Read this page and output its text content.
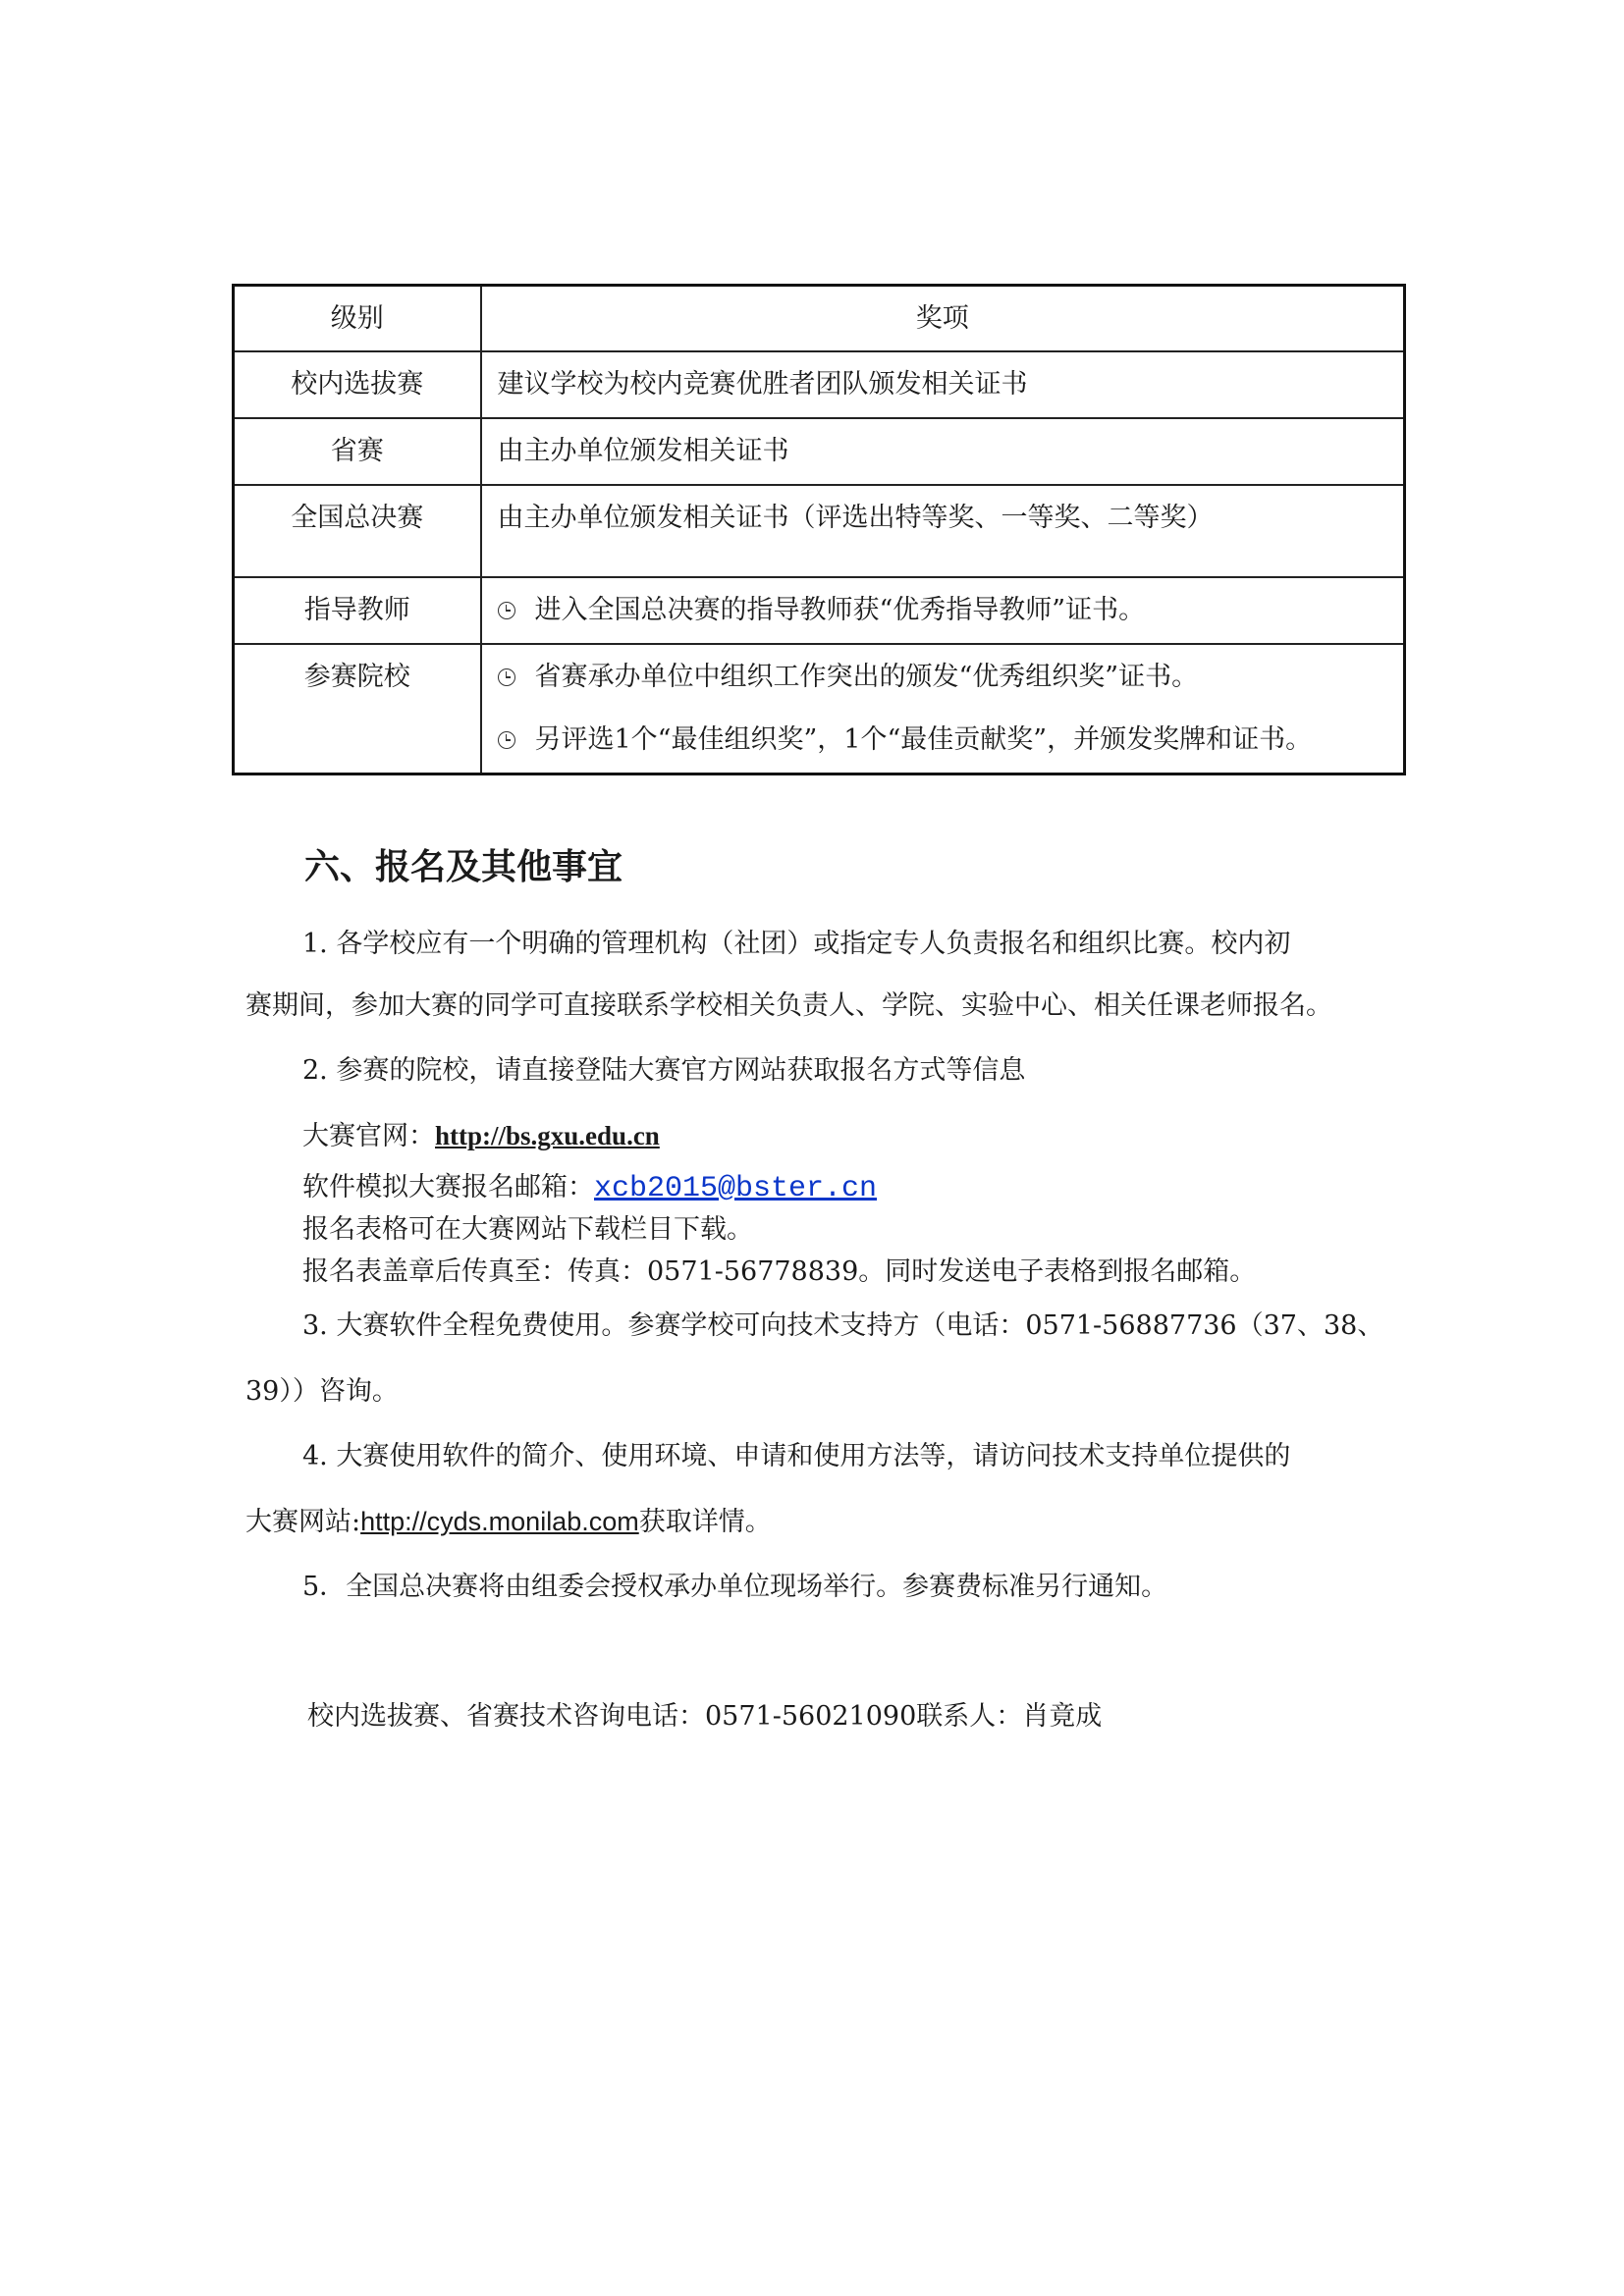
级别	奖项

校内选拔赛	建议学校为校内竞赛优胜者团队颁发相关证书

省赛	由主办单位颁发相关证书

全国总决赛	由主办单位颁发相关证书（评选出特等奖、一等奖、二等奖）

指导教师	进入全国总决赛的指导教师获“优秀指导教师”证书。

参赛院校	省赛承办单位中组织工作突出的颁发“优秀组织奖”证书。
另评选1个“最佳组织奖”，1个“最佳贡献奖”，并颁发奖牌和证书。
六、报名及其他事宜
1. 各学校应有一个明确的管理机构（社团）或指定专人负责报名和组织比赛。校内初
赛期间，参加大赛的同学可直接联系学校相关负责人、学院、实验中心、相关任课老师报名。
2. 参赛的院校，请直接登陆大赛官方网站获取报名方式等信息
大赛官网：http://bs.gxu.edu.cn
软件模拟大赛报名邮箱：xcb2015@bster.cn
报名表格可在大赛网站下载栏目下载。
报名表盖章后传真至：传真：0571-56778839。同时发送电子表格到报名邮箱。
3. 大赛软件全程免费使用。参赛学校可向技术支持方（电话：0571-56887736（37、38、
39））咨询。
4. 大赛使用软件的简介、使用环境、申请和使用方法等，请访问技术支持单位提供的
大赛网站:http://cyds.monilab.com获取详情。
5．全国总决赛将由组委会授权承办单位现场举行。参赛费标准另行通知。
校内选拔赛、省赛技术咨询电话：0571-56021090联系人：肖竟成
